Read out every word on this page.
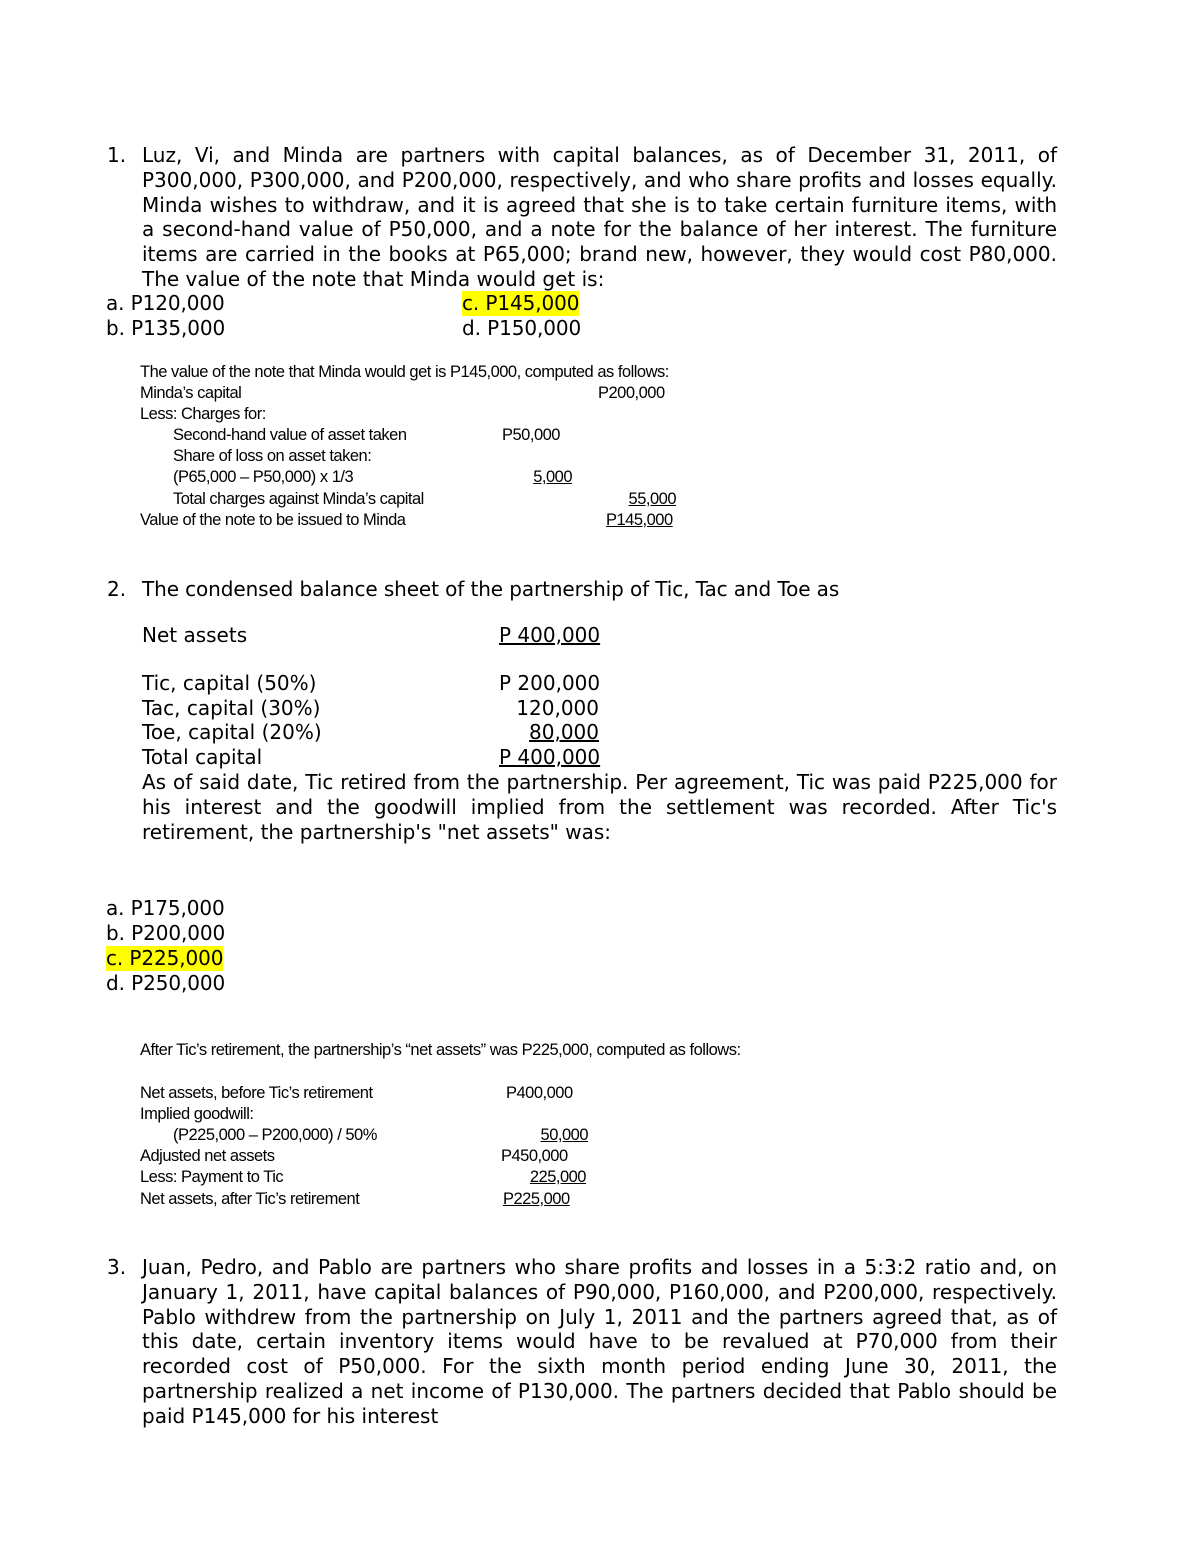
1. Luz, Vi, and Minda are partners with capital balances, as of December 31, 2011, of P300,000, P300,000, and P200,000, respectively, and who share profits and losses equally. Minda wishes to withdraw, and it is agreed that she is to take certain furniture items, with a second-hand value of P50,000, and a note for the balance of her interest. The furniture items are carried in the books at P65,000; brand new, however, they would cost P80,000. The value of the note that Minda would get is:
a. P120,000
b. P135,000
c. P145,000
d. P150,000
The value of the note that Minda would get is P145,000, computed as follows:
Minda’s capital	P200,000
Less: Charges for:
Second-hand value of asset taken	P50,000
Share of loss on asset taken:
(P65,000 – P50,000) x 1/3	5,000
Total charges against Minda’s capital	55,000
Value of the note to be issued to Minda	P145,000
2. The condensed balance sheet of the partnership of Tic, Tac and Toe as
Net assets	P 400,000
Tic, capital (50%)	P 200,000
Tac, capital (30%)	120,000
Toe, capital (20%)	80,000
Total capital	P 400,000
As of said date, Tic retired from the partnership. Per agreement, Tic was paid P225,000 for his interest and the goodwill implied from the settlement was recorded. After Tic's retirement, the partnership's "net assets" was:
a. P175,000
b. P200,000
c. P225,000
d. P250,000
After Tic’s retirement, the partnership’s “net assets” was P225,000, computed as follows:
Net assets, before Tic’s retirement	P400,000
Implied goodwill:
(P225,000 – P200,000) / 50%	50,000
Adjusted net assets	P450,000
Less: Payment to Tic	225,000
Net assets, after Tic’s retirement	P225,000
3. Juan, Pedro, and Pablo are partners who share profits and losses in a 5:3:2 ratio and, on January 1, 2011, have capital balances of P90,000, P160,000, and P200,000, respectively. Pablo withdrew from the partnership on July 1, 2011 and the partners agreed that, as of this date, certain inventory items would have to be revalued at P70,000 from their recorded cost of P50,000. For the sixth month period ending June 30, 2011, the partnership realized a net income of P130,000. The partners decided that Pablo should be paid P145,000 for his interest
